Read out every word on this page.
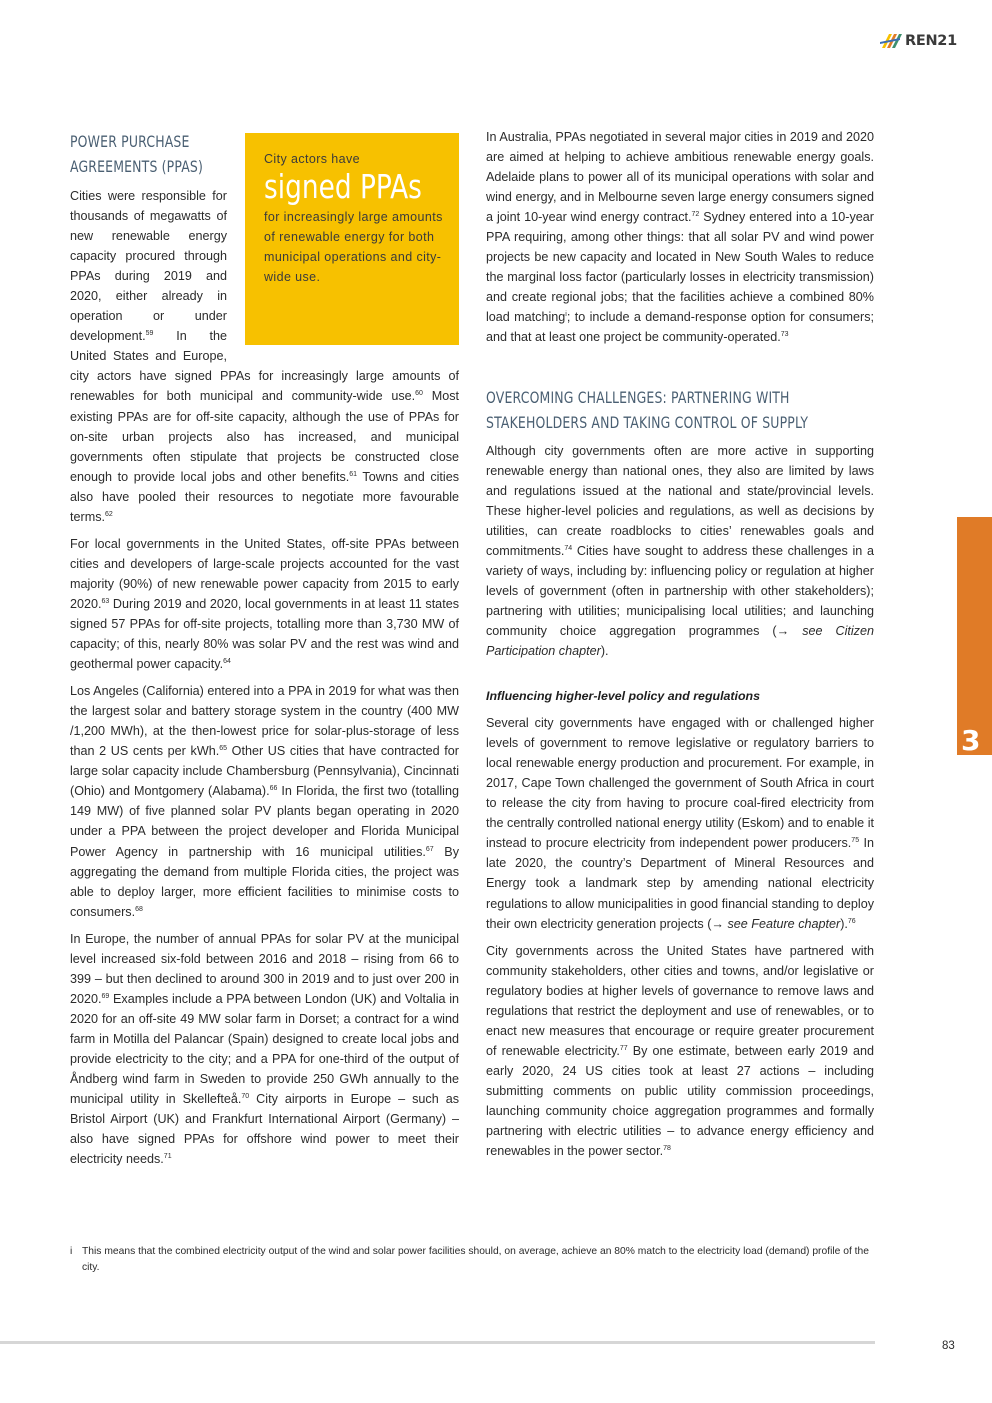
REN21
POWER PURCHASE
AGREEMENTS (PPAS)

Cities were responsible for thousands of megawatts of new renewable energy capacity procured through PPAs during 2019 and 2020, either already in operation or under development.$^{59}$ In the United States and Europe, city actors have signed PPAs for increasingly large amounts of renewables for both municipal and community-wide use.$^{60}$ Most existing PPAs are for off-site capacity, although the use of PPAs for on-site urban projects also has increased, and municipal governments often stipulate that projects be constructed close enough to provide local jobs and other benefits.$^{61}$ Towns and cities also have pooled their resources to negotiate more favourable terms.$^{62}$

For local governments in the United States, off-site PPAs between cities and developers of large-scale projects accounted for the vast majority (90%) of new renewable power capacity from 2015 to early 2020.63 During 2019 and 2020, local governments in at least 11 states signed 57 PPAs for off-site projects, totalling more than 3,730 MW of capacity; of this, nearly 80% was solar PV and the rest was wind and geothermal power capacity.$^{64}$

Los Angeles (California) entered into a PPA in 2019 for what was then the largest solar and battery storage system in the country (400 MW /1,200 MWh), at the then-lowest price for solar-plus-storage of less than 2 US cents per kWh.$^{65}$ Other US cities that have contracted for large solar capacity include Chambersburg (Pennsylvania), Cincinnati (Ohio) and Montgomery (Alabama).$^{66}$ In Florida, the first two (totalling 149 MW) of five planned solar PV plants began operating in 2020 under a PPA between the project developer and Florida Municipal Power Agency in partnership with 16 municipal utilities.$^{67}$ By aggregating the demand from multiple Florida cities, the project was able to deploy larger, more efficient facilities to minimise costs to consumers.$^{68}$

In Europe, the number of annual PPAs for solar PV at the municipal level increased six-fold between 2016 and 2018 – rising from 66 to 399 – but then declined to around 300 in 2019 and to just over 200 in 2020.69 Examples include a PPA between London (UK) and Voltalia in 2020 for an off-site 49 MW solar farm in Dorset; a contract for a wind farm in Motilla del Palancar (Spain) designed to create local jobs and provide electricity to the city; and a PPA for one-third of the output of Åndberg wind farm in Sweden to provide 250 GWh annually to the municipal utility in Skellefteå.$^{70}$ City airports in Europe – such as Bristol Airport (UK) and Frankfurt International Airport (Germany) – also have signed PPAs for offshore wind power to meet their electricity needs.$^{71}$

City actors have
signed PPAs
for increasingly large amounts of renewable energy for both municipal operations and city-wide use.

In Australia, PPAs negotiated in several major cities in 2019 and 2020 are aimed at helping to achieve ambitious renewable energy goals. Adelaide plans to power all of its municipal operations with solar and wind energy, and in Melbourne seven large energy consumers signed a joint 10-year wind energy contract.$^{72}$ Sydney entered into a 10-year PPA requiring, among other things: that all solar PV and wind power projects be new capacity and located in New South Wales to reduce the marginal loss factor (particularly losses in electricity transmission) and create regional jobs; that the facilities achieve a combined 80% load matching$^i$; to include a demand-response option for consumers; and that at least one project be community-operated.$^{73}$

OVERCOMING CHALLENGES: PARTNERING WITH
STAKEHOLDERS AND TAKING CONTROL OF SUPPLY

Although city governments often are more active in supporting renewable energy than national ones, they also are limited by laws and regulations issued at the national and state/provincial levels. These higher-level policies and regulations, as well as decisions by utilities, can create roadblocks to cities’ renewables goals and commitments.$^{74}$ Cities have sought to address these challenges in a variety of ways, including by: influencing policy or regulation at higher levels of government (often in partnership with other stakeholders); partnering with utilities; municipalising local utilities; and launching community choice aggregation programmes (→ see Citizen Participation chapter).

Influencing higher-level policy and regulations

Several city governments have engaged with or challenged higher levels of government to remove legislative or regulatory barriers to local renewable energy production and procurement. For example, in 2017, Cape Town challenged the government of South Africa in court to release the city from having to procure coal-fired electricity from the centrally controlled national energy utility (Eskom) and to enable it instead to procure electricity from independent power producers.$^{75}$ In late 2020, the country’s Department of Mineral Resources and Energy took a landmark step by amending national electricity regulations to allow municipalities in good financial standing to deploy their own electricity generation projects (→ see Feature chapter).$^{76}$

City governments across the United States have partnered with community stakeholders, other cities and towns, and/or legislative or regulatory bodies at higher levels of governance to remove laws and regulations that restrict the deployment and use of renewables, or to enact new measures that encourage or require greater procurement of renewable electricity.$^{77}$ By one estimate, between early 2019 and early 2020, 24 US cities took at least 27 actions – including submitting comments on public utility commission proceedings, launching community choice aggregation programmes and formally partnering with electric utilities – to advance energy efficiency and renewables in the power sector.$^{78}$

3
i This means that the combined electricity output of the wind and solar power facilities should, on average, achieve an 80% match to the electricity load (demand) profile of the city.
83
